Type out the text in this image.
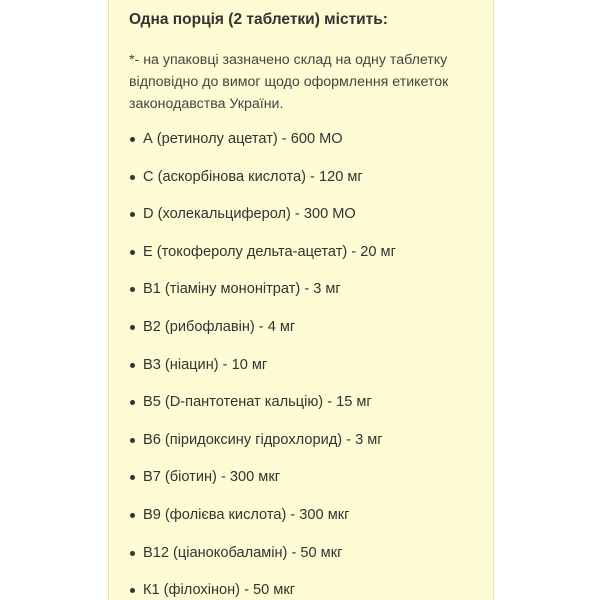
Одна порція (2 таблетки) містить:

*- на упаковці зазначено склад на одну таблетку відповідно до вимог щодо оформлення етикеток законодавства України.

А (ретинолу ацетат) - 600 МО
С (аскорбінова кислота) - 120 мг
D (холекальциферол) - 300 МО
Е (токоферолу дельта-ацетат) - 20 мг
В1 (тіаміну мононітрат) - 3 мг
В2 (рибофлавін) - 4 мг
В3 (ніацин) - 10 мг
В5 (D-пантотенат кальцію) - 15 мг
В6 (піридоксину гідрохлорид) - 3 мг
В7 (біотин) - 300 мкг
В9 (фолієва кислота) - 300 мкг
В12 (ціанокобаламін) - 50 мкг
К1 (філохінон) - 50 мкг
